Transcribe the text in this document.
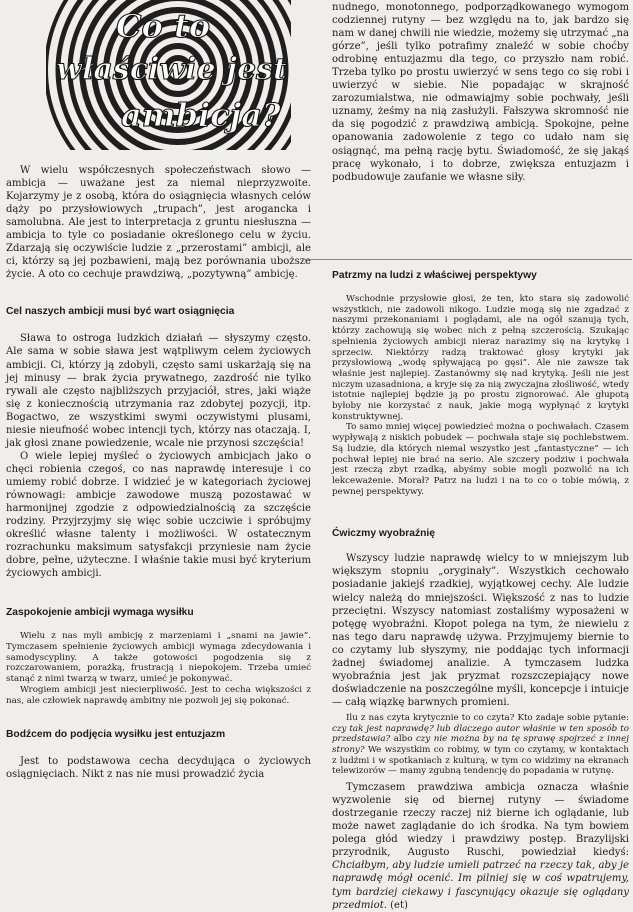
Co to
właściwie jest
ambicja?

W wielu współczesnych społeczeństwach słowo — ambicja — uważane jest za niemal nieprzyzwoite. Kojarzymy je z osobą, która do osiągnięcia własnych celów dąży po przysłowiowych „trupach”, jest arogancka i samolubna. Ale jest to interpretacja z gruntu niesłuszna — ambicja to tyle co posiadanie określonego celu w życiu. Zdarzają się oczywiście ludzie z „przerostami” ambicji, ale ci, którzy są jej pozbawieni, mają bez porównania uboższe życie. A oto co cechuje prawdziwą, „pozytywną” ambicję.

Cel naszych ambicji musi być wart osiągnięcia

Sława to ostroga ludzkich działań — słyszymy często. Ale sama w sobie sława jest wątpliwym celem życiowych ambicji. Ci, którzy ją zdobyli, często sami uskarżają się na jej minusy — brak życia prywatnego, zazdrość nie tylko rywali ale często najbliższych przyjaciół, stres, jaki wiąże się z koniecznością utrzymania raz zdobytej pozycji, itp. Bogactwo, ze wszystkimi swymi oczywistymi plusami, niesie nieufność wobec intencji tych, którzy nas otaczają. I, jak głosi znane powiedzenie, wcale nie przynosi szczęścia!

O wiele lepiej myśleć o życiowych ambicjach jako o chęci robienia czegoś, co nas naprawdę interesuje i co umiemy robić dobrze. I widzieć je w kategoriach życiowej równowagi: ambicje zawodowe muszą pozostawać w harmonijnej zgodzie z odpowiedzialnością za szczęście rodziny. Przyjrzyjmy się więc sobie uczciwie i spróbujmy określić własne talenty i możliwości. W ostatecznym rozrachunku maksimum satysfakcji przyniesie nam życie dobre, pełne, użyteczne. I właśnie takie musi być kryterium życiowych ambicji.

Zaspokojenie ambicji wymaga wysiłku

Wielu z nas myli ambicję z marzeniami i „snami na jawie”. Tymczasem spełnienie życiowych ambicji wymaga zdecydowania i samodyscypliny. A także gotowości pogodzenia się z rozczarowaniem, porażką, frustracją i niepokojem. Trzeba umieć stanąć z nimi twarzą w twarz, umieć je pokonywać.

Wrogiem ambicji jest niecierpliwość. Jest to cecha większości z nas, ale człowiek naprawdę ambitny nie pozwoli jej się pokonać.

Bodźcem do podjęcia wysiłku jest entuzjazm

Jest to podstawowa cecha decydująca o życiowych osiągnięciach. Nikt z nas nie musi prowadzić życia

nudnego, monotonnego, podporządkowanego wymogom codziennej rutyny — bez względu na to, jak bardzo się nam w danej chwili nie wiedzie, możemy się utrzymać „na górze”, jeśli tylko potrafimy znaleźć w sobie choćby odrobinę entuzjazmu dla tego, co przyszło nam robić. Trzeba tylko po prostu uwierzyć w sens tego co się robi i uwierzyć w siebie. Nie popadając w skrajność zarozumialstwa, nie odmawiajmy sobie pochwały, jeśli uznamy, żeśmy na nią zasłużyli. Fałszywa skromność nie da się pogodzić z prawdziwą ambicją. Spokojne, pełne opanowania zadowolenie z tego co udało nam się osiągnąć, ma pełną rację bytu. Świadomość, że się jakąś pracę wykonało, i to dobrze, zwiększa entuzjazm i podbudowuje zaufanie we własne siły.

Patrzmy na ludzi z właściwej perspektywy

Wschodnie przysłowie głosi, że ten, kto stara się zadowolić wszystkich, nie zadowoli nikogo. Ludzie mogą się nie zgadzać z naszymi przekonaniami i poglądami, ale na ogół szanują tych, którzy zachowują się wobec nich z pełną szczerością. Szukając spełnienia życiowych ambicji nieraz narazimy się na krytykę i sprzeciw. Niektórzy radzą traktować głosy krytyki jak przysłowiową „wodę spływającą po gęsi”. Ale nie zawsze tak właśnie jest najlepiej. Zastanówmy się nad krytyką. Jeśli nie jest niczym uzasadniona, a kryje się za nią zwyczajna złośliwość, wtedy istotnie najlepiej będzie ją po prostu zignorować. Ale głupotą byłoby nie korzystać z nauk, jakie mogą wypłynąć z krytyki konstruktywnej.

To samo mniej więcej powiedzieć można o pochwałach. Czasem wypływają z niskich pobudek — pochwała staje się pochlebstwem. Są ludzie, dla których niemal wszystko jest „fantastyczne” — ich pochwał lepiej nie brać na serio. Ale szczery podziw i pochwała jest rzeczą zbyt rzadką, abyśmy sobie mogli pozwolić na ich lekceważenie. Morał? Patrz na ludzi i na to co o tobie mówią, z pewnej perspektywy.

Ćwiczmy wyobraźnię

Wszyscy ludzie naprawdę wielcy to w mniejszym lub większym stopniu „oryginały”. Wszystkich cechowało posiadanie jakiejś rzadkiej, wyjątkowej cechy. Ale ludzie wielcy należą do mniejszości. Większość z nas to ludzie przeciętni. Wszyscy natomiast zostaliśmy wyposażeni w potęgę wyobraźni. Kłopot polega na tym, że niewielu z nas tego daru naprawdę używa. Przyjmujemy biernie to co czytamy lub słyszymy, nie poddając tych informacji żadnej świadomej analizie. A tymczasem ludzka wyobraźnia jest jak pryzmat rozszczepiający nowe doświadczenie na poszczególne myśli, koncepcje i intuicje — całą wiązkę barwnych promieni.

Ilu z nas czyta krytycznie to co czyta? Kto zadaje sobie pytanie: czy tak jest naprawdę? lub dlaczego autor właśnie w ten sposób to przedstawia? albo czy nie można by na tę sprawę spojrzeć z innej strony? We wszystkim co robimy, w tym co czytamy, w kontaktach z ludźmi i w spotkaniach z kulturą, w tym co widzimy na ekranach telewizorów — mamy zgubną tendencję do popadania w rutynę.

Tymczasem prawdziwa ambicja oznacza właśnie wyzwolenie się od biernej rutyny — świadome dostrzeganie rzeczy raczej niż bierne ich oglądanie, lub może nawet zaglądanie do ich środka. Na tym bowiem polega głód wiedzy i prawdziwy postęp. Brazylijski przyrodnik, Augusto Ruschi, powiedział kiedyś: Chciałbym, aby ludzie umieli patrzeć na rzeczy tak, aby je naprawdę mógł ocenić. Im pilniej się w coś wpatrujemy, tym bardziej ciekawy i fascynujący okazuje się oglądany przedmiot. (et)
